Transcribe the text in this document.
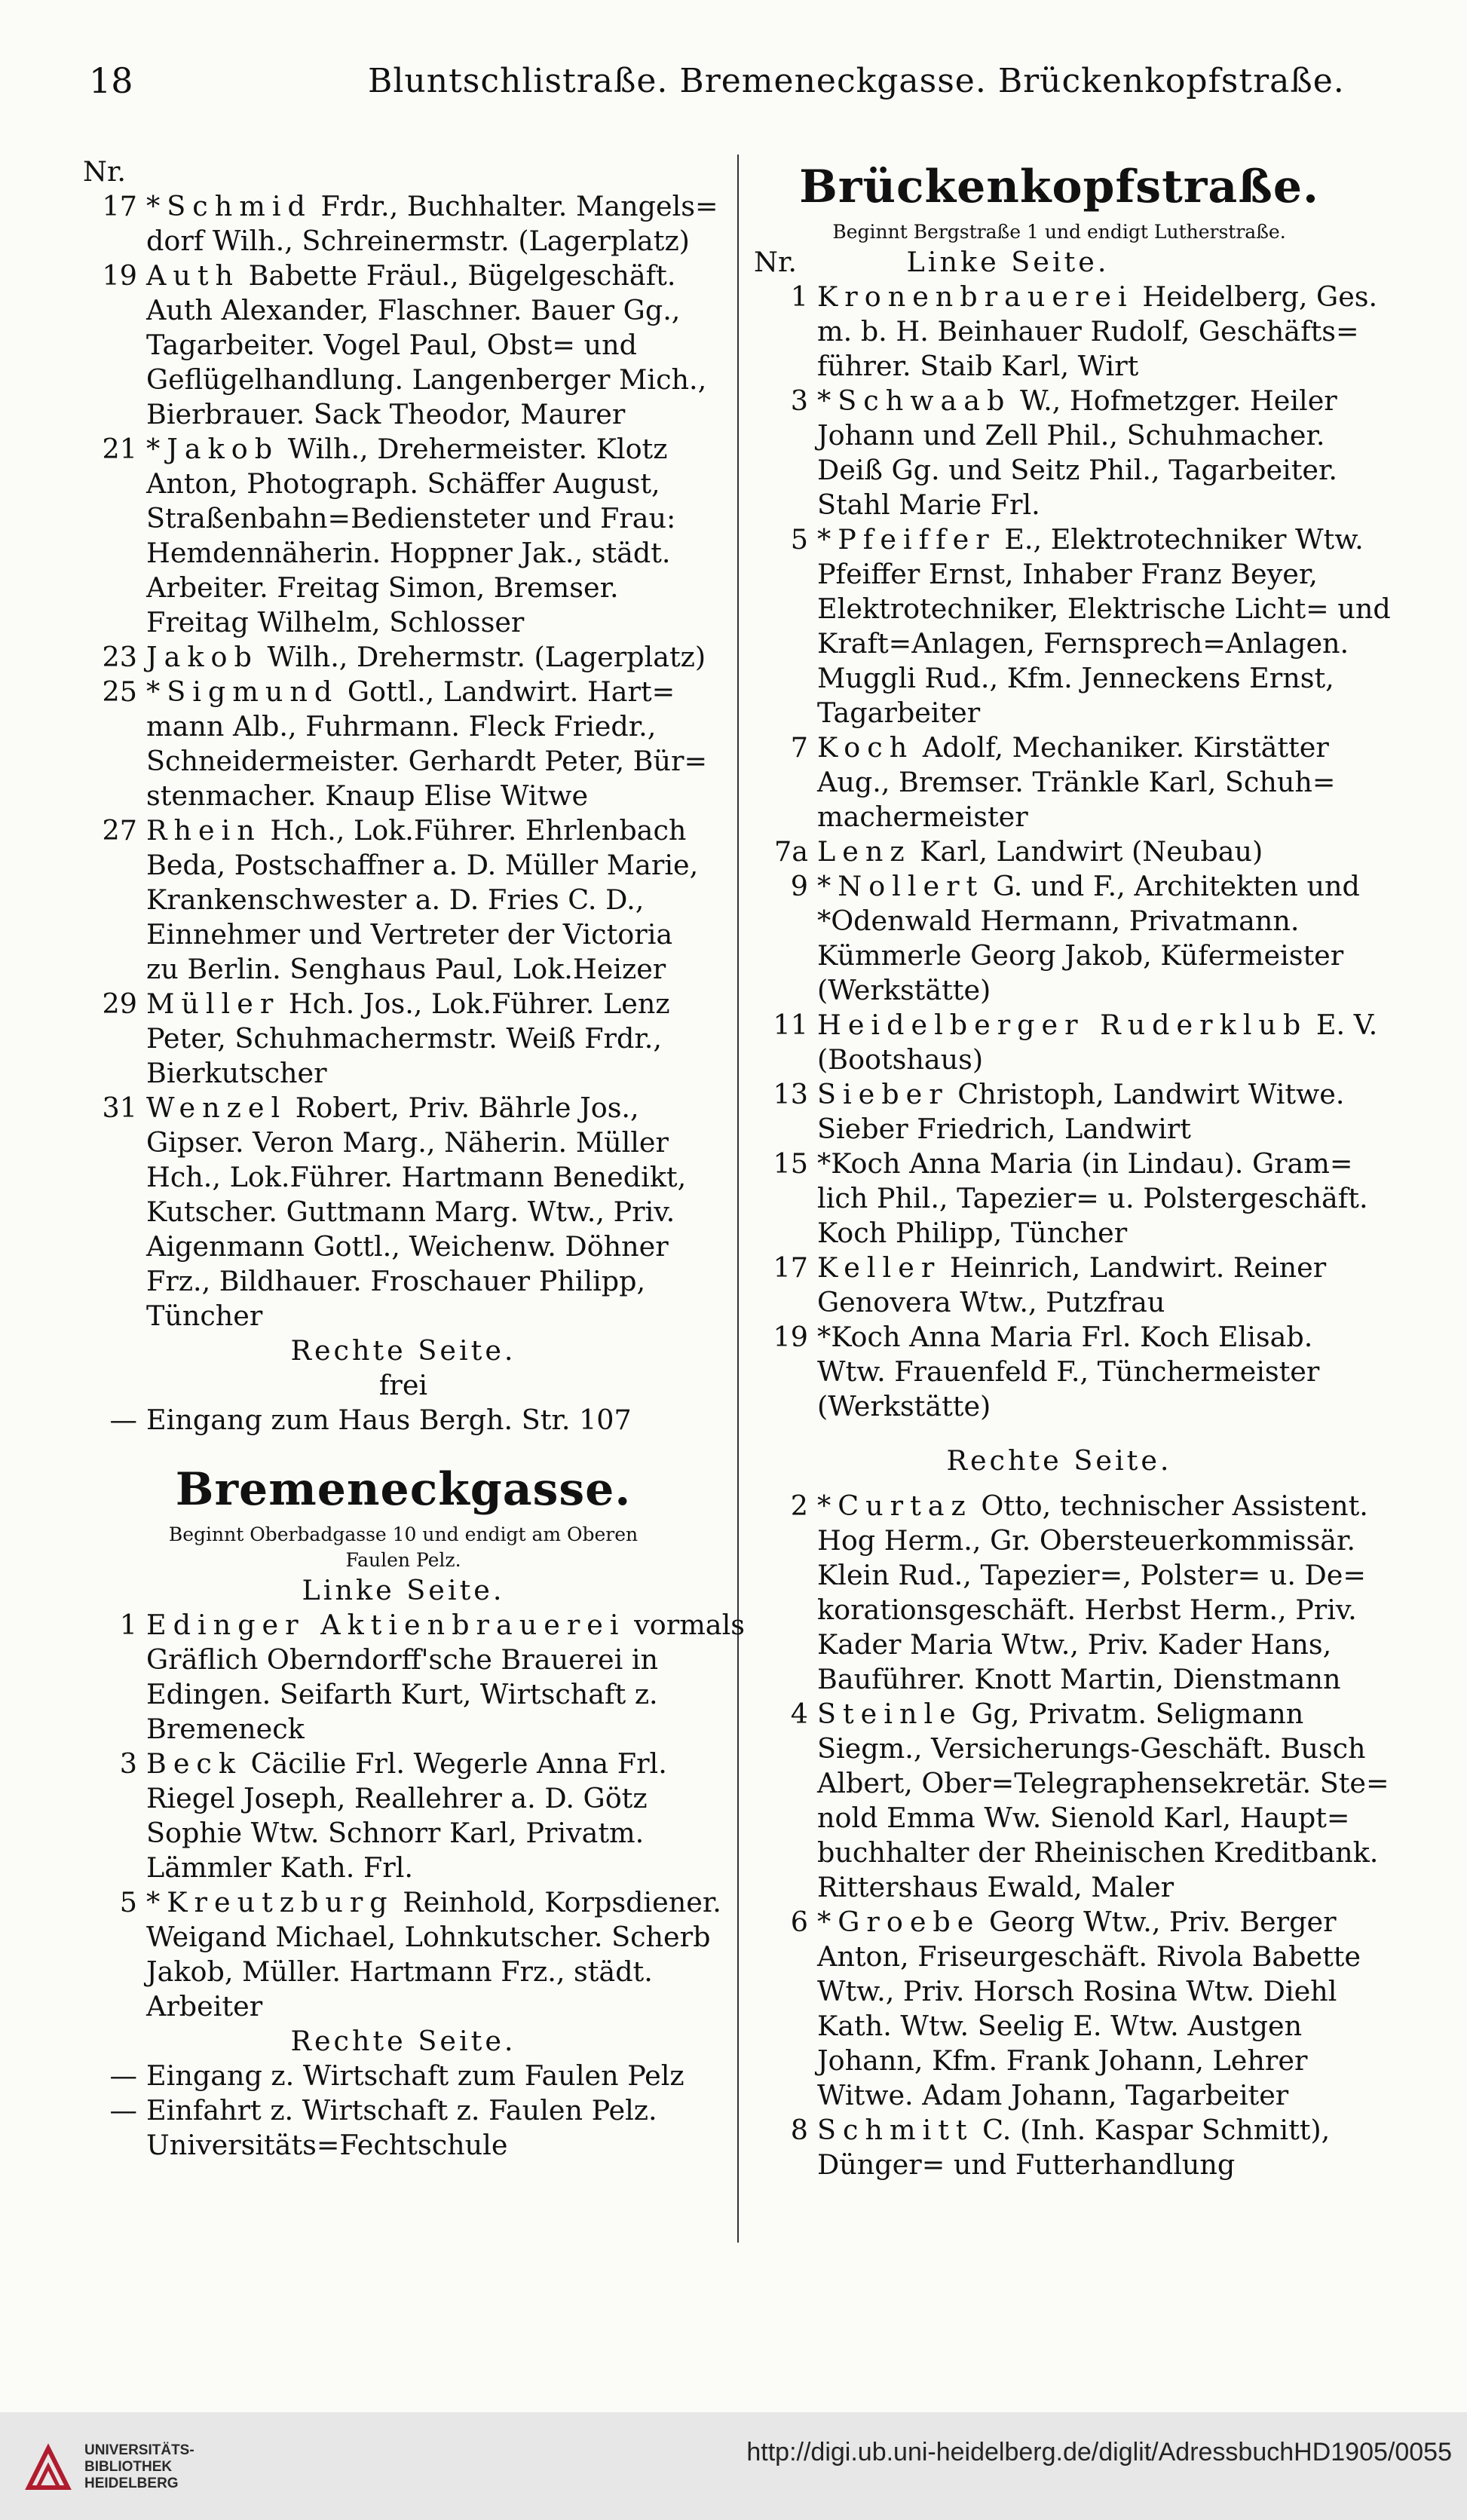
18	Bluntschlistraße. Bremeneckgasse. Brückenkopfstraße.
Nr.
17 *Schmid Frdr., Buchhalter. Mangels=
dorf Wilh., Schreinermstr. (Lagerplatz)
19 Auth Babette Fräul., Bügelgeschäft.
Auth Alexander, Flaschner. Bauer Gg.,
Tagarbeiter. Vogel Paul, Obst= und
Geflügelhandlung. Langenberger Mich.,
Bierbrauer. Sack Theodor, Maurer
21 *Jakob Wilh., Drehermeister. Klotz
Anton, Photograph. Schäffer August,
Straßenbahn=Bediensteter und Frau:
Hemdennäherin. Hoppner Jak., städt.
Arbeiter. Freitag Simon, Bremser.
Freitag Wilhelm, Schlosser
23 Jakob Wilh., Drehermstr. (Lagerplatz)
25 *Sigmund Gottl., Landwirt. Hart=
mann Alb., Fuhrmann. Fleck Friedr.,
Schneidermeister. Gerhardt Peter, Bür=
stenmacher. Knaup Elise Witwe
27 Rhein Hch., Lok.Führer. Ehrlenbach
Beda, Postschaffner a. D. Müller Marie,
Krankenschwester a. D. Fries C. D.,
Einnehmer und Vertreter der Victoria
zu Berlin. Senghaus Paul, Lok.Heizer
29 Müller Hch. Jos., Lok.Führer. Lenz
Peter, Schuhmachermstr. Weiß Frdr.,
Bierkutscher
31 Wenzel Robert, Priv. Bährle Jos.,
Gipser. Veron Marg., Näherin. Müller
Hch., Lok.Führer. Hartmann Benedikt,
Kutscher. Guttmann Marg. Wtw., Priv.
Aigenmann Gottl., Weichenw. Döhner
Frz., Bildhauer. Froschauer Philipp,
Tüncher
Rechte Seite.
frei
— Eingang zum Haus Bergh. Str. 107
Bremeneckgasse.
Beginnt Oberbadgasse 10 und endigt am Oberen
Faulen Pelz.
Linke Seite.
1 Edinger Aktienbrauerei vormals
Gräflich Oberndorff'sche Brauerei in
Edingen. Seifarth Kurt, Wirtschaft z.
Bremeneck
3 Beck Cäcilie Frl. Wegerle Anna Frl.
Riegel Joseph, Reallehrer a. D. Götz
Sophie Wtw. Schnorr Karl, Privatm.
Lämmler Kath. Frl.
5 *Kreutzburg Reinhold, Korpsdiener.
Weigand Michael, Lohnkutscher. Scherb
Jakob, Müller. Hartmann Frz., städt.
Arbeiter
Rechte Seite.
— Eingang z. Wirtschaft zum Faulen Pelz
— Einfahrt z. Wirtschaft z. Faulen Pelz.
Universitäts=Fechtschule
Brückenkopfstraße.
Beginnt Bergstraße 1 und endigt Lutherstraße.
Nr.	Linke Seite.
1 Kronenbrauerei Heidelberg, Ges.
m. b. H. Beinhauer Rudolf, Geschäfts=
führer. Staib Karl, Wirt
3 *Schwaab W., Hofmetzger. Heiler
Johann und Zell Phil., Schuhmacher.
Deiß Gg. und Seitz Phil., Tagarbeiter.
Stahl Marie Frl.
5 *Pfeiffer E., Elektrotechniker Wtw.
Pfeiffer Ernst, Inhaber Franz Beyer,
Elektrotechniker, Elektrische Licht= und
Kraft=Anlagen, Fernsprech=Anlagen.
Muggli Rud., Kfm. Jenneckens Ernst,
Tagarbeiter
7 Koch Adolf, Mechaniker. Kirstätter
Aug., Bremser. Tränkle Karl, Schuh=
machermeister
7a Lenz Karl, Landwirt (Neubau)
9 *Nollert G. und F., Architekten und
*Odenwald Hermann, Privatmann.
Kümmerle Georg Jakob, Küfermeister
(Werkstätte)
11 Heidelberger Ruderklub E. V.
(Bootshaus)
13 Sieber Christoph, Landwirt Witwe.
Sieber Friedrich, Landwirt
15 *Koch Anna Maria (in Lindau). Gram=
lich Phil., Tapezier= u. Polstergeschäft.
Koch Philipp, Tüncher
17 Keller Heinrich, Landwirt. Reiner
Genovera Wtw., Putzfrau
19 *Koch Anna Maria Frl. Koch Elisab.
Wtw. Frauenfeld F., Tünchermeister
(Werkstätte)
Rechte Seite.
2 *Curtaz Otto, technischer Assistent.
Hog Herm., Gr. Obersteuerkommissär.
Klein Rud., Tapezier=, Polster= u. De=
korationsgeschäft. Herbst Herm., Priv.
Kader Maria Wtw., Priv. Kader Hans,
Bauführer. Knott Martin, Dienstmann
4 Steinle Gg, Privatm. Seligmann
Siegm., Versicherungs-Geschäft. Busch
Albert, Ober=Telegraphensekretär. Ste=
nold Emma Ww. Sienold Karl, Haupt=
buchhalter der Rheinischen Kreditbank.
Rittershaus Ewald, Maler
6 *Groebe Georg Wtw., Priv. Berger
Anton, Friseurgeschäft. Rivola Babette
Wtw., Priv. Horsch Rosina Wtw. Diehl
Kath. Wtw. Seelig E. Wtw. Austgen
Johann, Kfm. Frank Johann, Lehrer
Witwe. Adam Johann, Tagarbeiter
8 Schmitt C. (Inh. Kaspar Schmitt),
Dünger= und Futterhandlung
UNIVERSITÄTS-
BIBLIOTHEK
HEIDELBERG
http://digi.ub.uni-heidelberg.de/diglit/AdressbuchHD1905/0055
